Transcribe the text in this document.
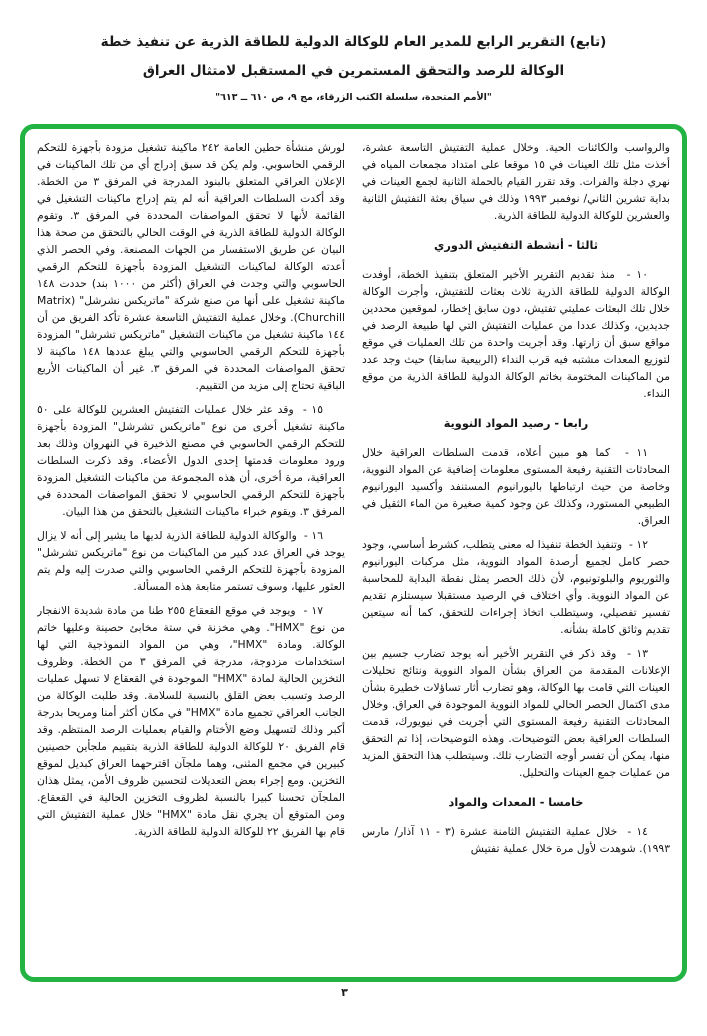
(تابع) التقرير الرابع للمدير العام للوكالة الدولية للطاقة الذرية عن تنفيذ خطة
الوكالة للرصد والتحقق المستمرين في المستقبل لامتثال العراق
"الأمم المتحدة، سلسلة الكتب الزرقاء، مج ٩، ص ٦١٠ ــ ٦١٣"

والرواسب والكائنات الحية. وخلال عملية التفتيش التاسعة عشرة، أخذت مثل تلك العينات في ١٥ موقعا على امتداد مجمعات المياه في نهري دجلة والفرات. وقد تقرر القيام بالحملة الثانية لجمع العينات في بداية تشرين الثاني/ نوفمبر ١٩٩٣ وذلك في سياق بعثة التفتيش الثانية والعشرين للوكالة الدولية للطاقة الذرية.

ثالثا - أنشطة التفتيش الدوري

١٠ -  منذ تقديم التقرير الأخير المتعلق بتنفيذ الخطة، أوفدت الوكالة الدولية للطاقة الذرية ثلاث بعثات للتفتيش، وأجرت الوكالة خلال تلك البعثات عمليتي تفتيش، دون سابق إخطار، لموقعين محددين جديدين، وكذلك عددا من عمليات التفتيش التي لها طبيعة الرصد في مواقع سبق أن زارتها. وقد أجريت واحدة من تلك العمليات في موقع لتوزيع المعدات مشتبه فيه قرب النداء (الربيعية سابقا) حيث وجد عدد من الماكينات المختومة بخاتم الوكالة الدولية للطاقة الذرية من موقع النداء.

رابعا - رصيد المواد النووية

١١ -  كما هو مبين أعلاه، قدمت السلطات العراقية خلال المحادثات التقنية رفيعة المستوى معلومات إضافية عن المواد النووية، وخاصة من حيث ارتباطها باليورانيوم المستنفد وأكسيد اليورانيوم الطبيعي المستورد، وكذلك عن وجود كمية صغيرة من الماء الثقيل في العراق.

١٢ -  وتنفيذ الخطة تنفيذا له معنى يتطلب، كشرط أساسي، وجود حصر كامل لجميع أرصدة المواد النووية، مثل مركبات اليورانيوم والثوريوم والبلوتونيوم، لأن ذلك الحصر يمثل نقطة البداية للمحاسبة عن المواد النووية. وأي اختلاف في الرصيد مستقبلا سيستلزم تقديم تفسير تفصيلي، وسيتطلب اتخاذ إجراءات للتحقق، كما أنه سيتعين تقديم وثائق كاملة بشأنه.

١٣ -  وقد ذكر في التقرير الأخير أنه يوجد تضارب جسيم بين الإعلانات المقدمة من العراق بشأن المواد النووية ونتائج تحليلات العينات التي قامت بها الوكالة، وهو تضارب أثار تساؤلات خطيرة بشأن مدى اكتمال الحصر الحالي للمواد النووية الموجودة في العراق. وخلال المحادثات التقنية رفيعة المستوى التي أجريت في نيويورك، قدمت السلطات العراقية بعض التوضيحات. وهذه التوضيحات، إذا تم التحقق منها، يمكن أن تفسر أوجه التضارب تلك. وسيتطلب هذا التحقق المزيد من عمليات جمع العينات والتحليل.

خامسا - المعدات والمواد

١٤ -  خلال عملية التفتيش الثامنة عشرة (٣ - ١١ آذار/ مارس ١٩٩٣). شوهدت لأول مرة خلال عملية تفتيش

لورش منشأة حطين العامة ٢٤٢ ماكينة تشغيل مزودة بأجهزة للتحكم الرقمي الحاسوبي. ولم يكن قد سبق إدراج أي من تلك الماكينات في الإعلان العراقي المتعلق بالبنود المدرجة في المرفق ٣ من الخطة. وقد أكدت السلطات العراقية أنه لم يتم إدراج ماكينات التشغيل في القائمة لأنها لا تحقق المواصفات المحددة في المرفق ٣. وتقوم الوكالة الدولية للطاقة الذرية في الوقت الحالي بالتحقق من صحة هذا البيان عن طريق الاستفسار من الجهات المصنعة. وفي الحصر الذي أعدته الوكالة لماكينات التشغيل المزودة بأجهزة للتحكم الرقمي الحاسوبي والتي وجدت في العراق (أكثر من ١٠٠٠ بند) حددت ١٤٨ ماكينة تشغيل على أنها من صنع شركة "ماتريكس نشرشل" (Matrix Churchill). وخلال عملية التفتيش التاسعة عشرة تأكد الفريق من أن ١٤٤ ماكينة تشغيل من ماكينات التشغيل "ماتريكس تشرشل" المزودة بأجهزة للتحكم الرقمي الحاسوبي والتي يبلغ عددها ١٤٨ ماكينة لا تحقق المواصفات المحددة في المرفق ٣. غير أن الماكينات الأربع الباقية تحتاج إلى مزيد من التقييم.

١٥ -  وقد عثر خلال عمليات التفتيش العشرين للوكالة على ٥٠ ماكينة تشغيل أخرى من نوع "ماتريكس تشرشل" المزودة بأجهزة للتحكم الرقمي الحاسوبي في مصنع الذخيرة في النهروان وذلك بعد ورود معلومات قدمتها إحدى الدول الأعضاء. وقد ذكرت السلطات العراقية، مرة أخرى، أن هذه المجموعة من ماكينات التشغيل المزودة بأجهزة للتحكم الرقمي الحاسوبي لا تحقق المواصفات المحددة في المرفق ٣. ويقوم خبراء ماكينات التشغيل بالتحقق من هذا البيان.

١٦ -  والوكالة الدولية للطاقة الذرية لديها ما يشير إلى أنه لا يزال يوجد في العراق عدد كبير من الماكينات من نوع "ماتريكس تشرشل" المزودة بأجهزة للتحكم الرقمي الحاسوبي والتي صدرت إليه ولم يتم العثور عليها، وسوف تستمر متابعة هذه المسألة.

١٧ -  ويوجد في موقع القعقاع ٢٥٥ طنا من مادة شديدة الانفجار من نوع "HMX". وهي مخزنة في ستة مخابئ حصينة وعليها خاتم الوكالة. ومادة "HMX"، وهي من المواد النموذجية التي لها استخدامات مزدوجة، مدرجة في المرفق ٣ من الخطة. وظروف التخزين الحالية لمادة "HMX" الموجودة في القعقاع لا تسهل عمليات الرصد وتسبب بعض القلق بالنسبة للسلامة. وقد طلبت الوكالة من الجانب العراقي تجميع مادة "HMX" في مكان أكثر أمنا ومريحا بدرجة أكبر وذلك لتسهيل وضع الأختام والقيام بعمليات الرصد المنتظم. وقد قام الفريق ٢٠ للوكالة الدولية للطاقة الذرية بتقييم ملجأين حصينين كبيرين في مجمع المثنى، وهما ملجآن اقترحهما العراق كبديل لموقع التخزين. ومع إجراء بعض التعديلات لتحسين ظروف الأمن، يمثل هذان الملجآن تحسنا كبيرا بالنسبة لظروف التخزين الحالية في القعقاع. ومن المتوقع أن يجري نقل مادة "HMX" خلال عملية التفتيش التي قام بها الفريق ٢٢ للوكالة الدولية للطاقة الذرية.

٣
